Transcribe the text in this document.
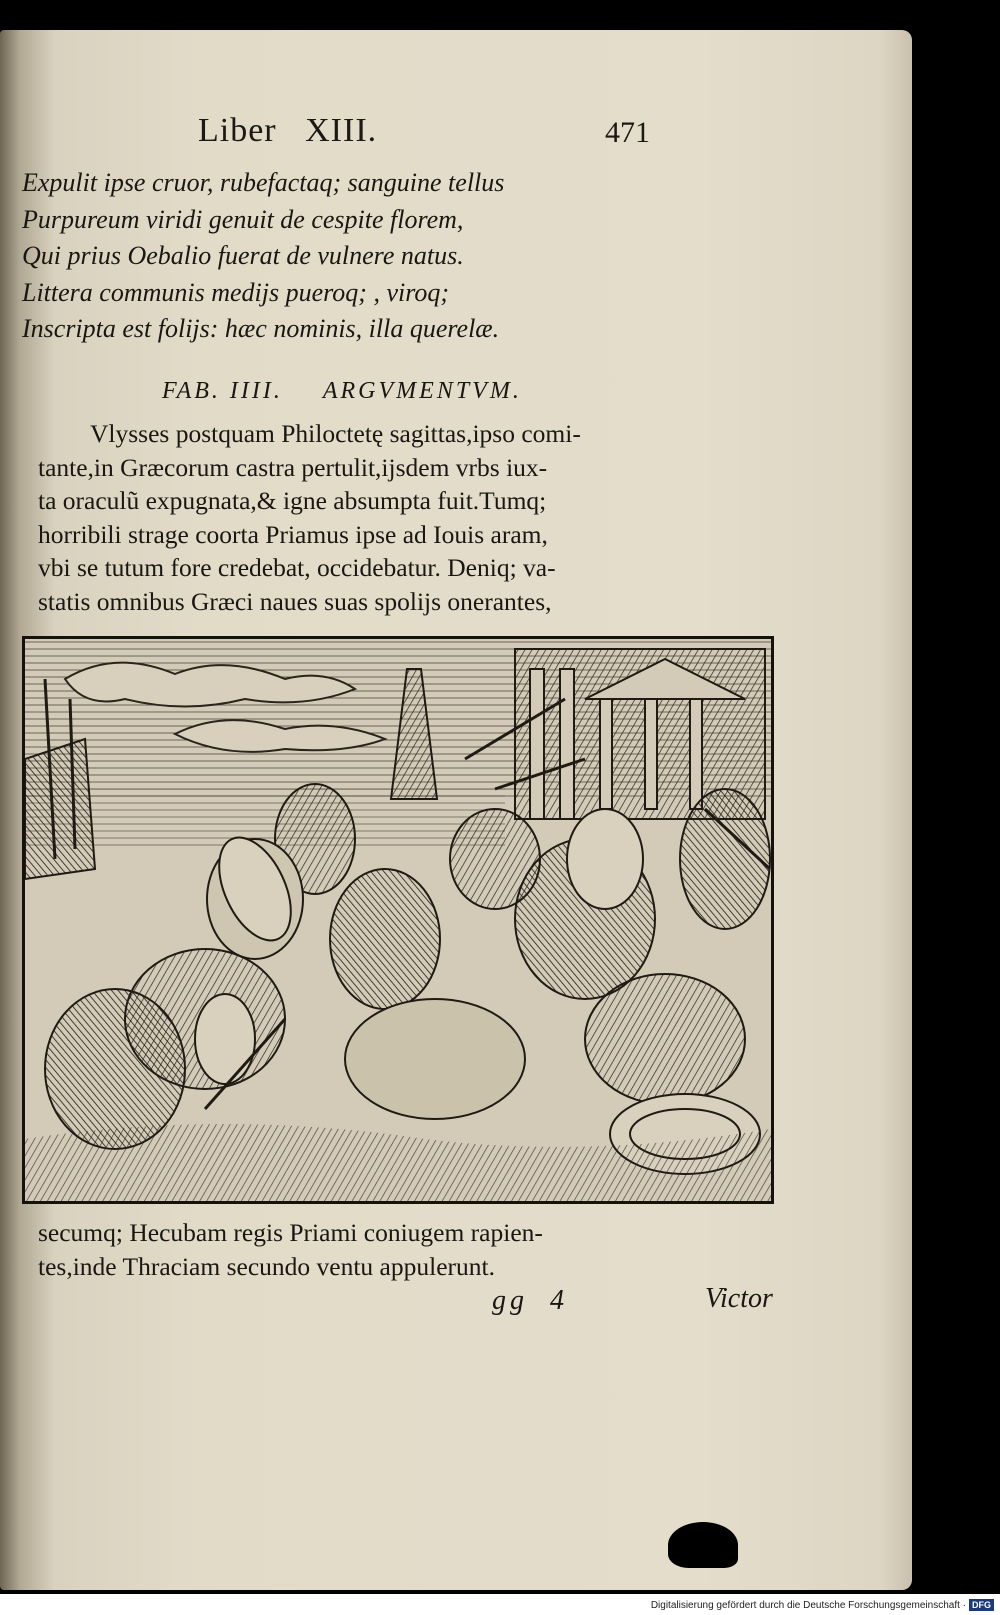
Liber   XIII.	471
Expulit ipse cruor, rubefactaq; sanguine tellus
Purpureum viridi genuit de cespite florem,
Qui prius Oebalio fuerat de vulnere natus.
Littera communis medijs pueroq; , viroq;
Inscripta est folijs: hæc nominis, illa querelæ.
FAB. IIII. ARGVMENTVM.
Vlysses postquam Philoctetę sagittas,ipso comi-
tante,in Græcorum castra pertulit,ijsdem vrbs iux-
ta oraculũ expugnata,& igne absumpta fuit.Tumq;
horribili strage coorta Priamus ipse ad Iouis aram,
vbi se tutum fore credebat, occidebatur. Deniq; va-
statis omnibus Græci naues suas spolijs onerantes,
secumq; Hecubam regis Priami coniugem rapien-
tes,inde Thraciam secundo ventu appulerunt.
gg  4	Victor
Digitalisierung gefördert durch die Deutsche Forschungsgemeinschaft · DFG
